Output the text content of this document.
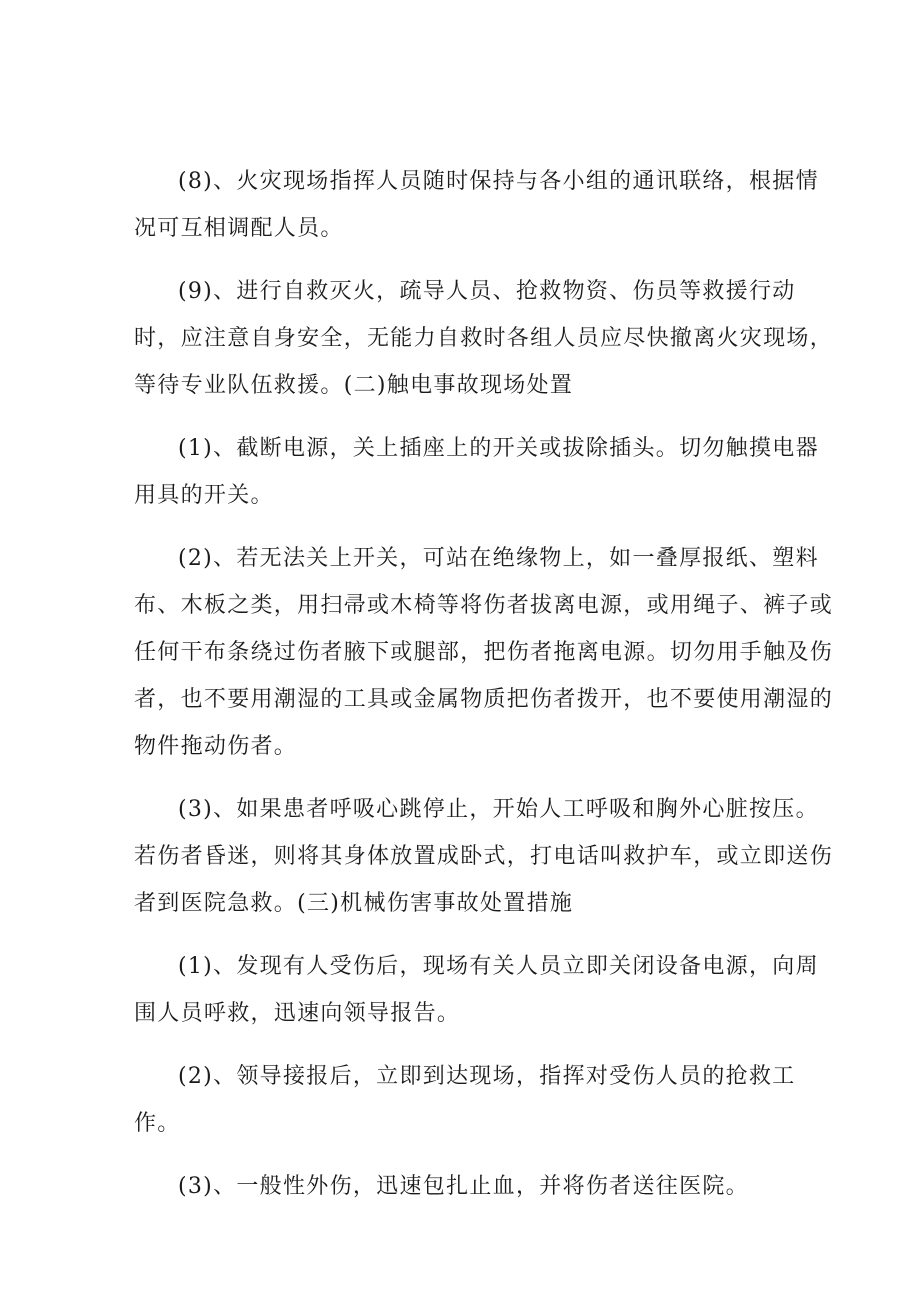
(8)、火灾现场指挥人员随时保持与各小组的通讯联络，根据情况可互相调配人员。

(9)、进行自救灭火，疏导人员、抢救物资、伤员等救援行动时，应注意自身安全，无能力自救时各组人员应尽快撤离火灾现场，等待专业队伍救援。(二)触电事故现场处置

(1)、截断电源，关上插座上的开关或拔除插头。切勿触摸电器用具的开关。

(2)、若无法关上开关，可站在绝缘物上，如一叠厚报纸、塑料布、木板之类，用扫帚或木椅等将伤者拔离电源，或用绳子、裤子或任何干布条绕过伤者腋下或腿部，把伤者拖离电源。切勿用手触及伤者，也不要用潮湿的工具或金属物质把伤者拨开，也不要使用潮湿的物件拖动伤者。

(3)、如果患者呼吸心跳停止，开始人工呼吸和胸外心脏按压。若伤者昏迷，则将其身体放置成卧式，打电话叫救护车，或立即送伤者到医院急救。(三)机械伤害事故处置措施

(1)、发现有人受伤后，现场有关人员立即关闭设备电源，向周围人员呼救，迅速向领导报告。

(2)、领导接报后，立即到达现场，指挥对受伤人员的抢救工作。

(3)、一般性外伤，迅速包扎止血，并将伤者送往医院。
